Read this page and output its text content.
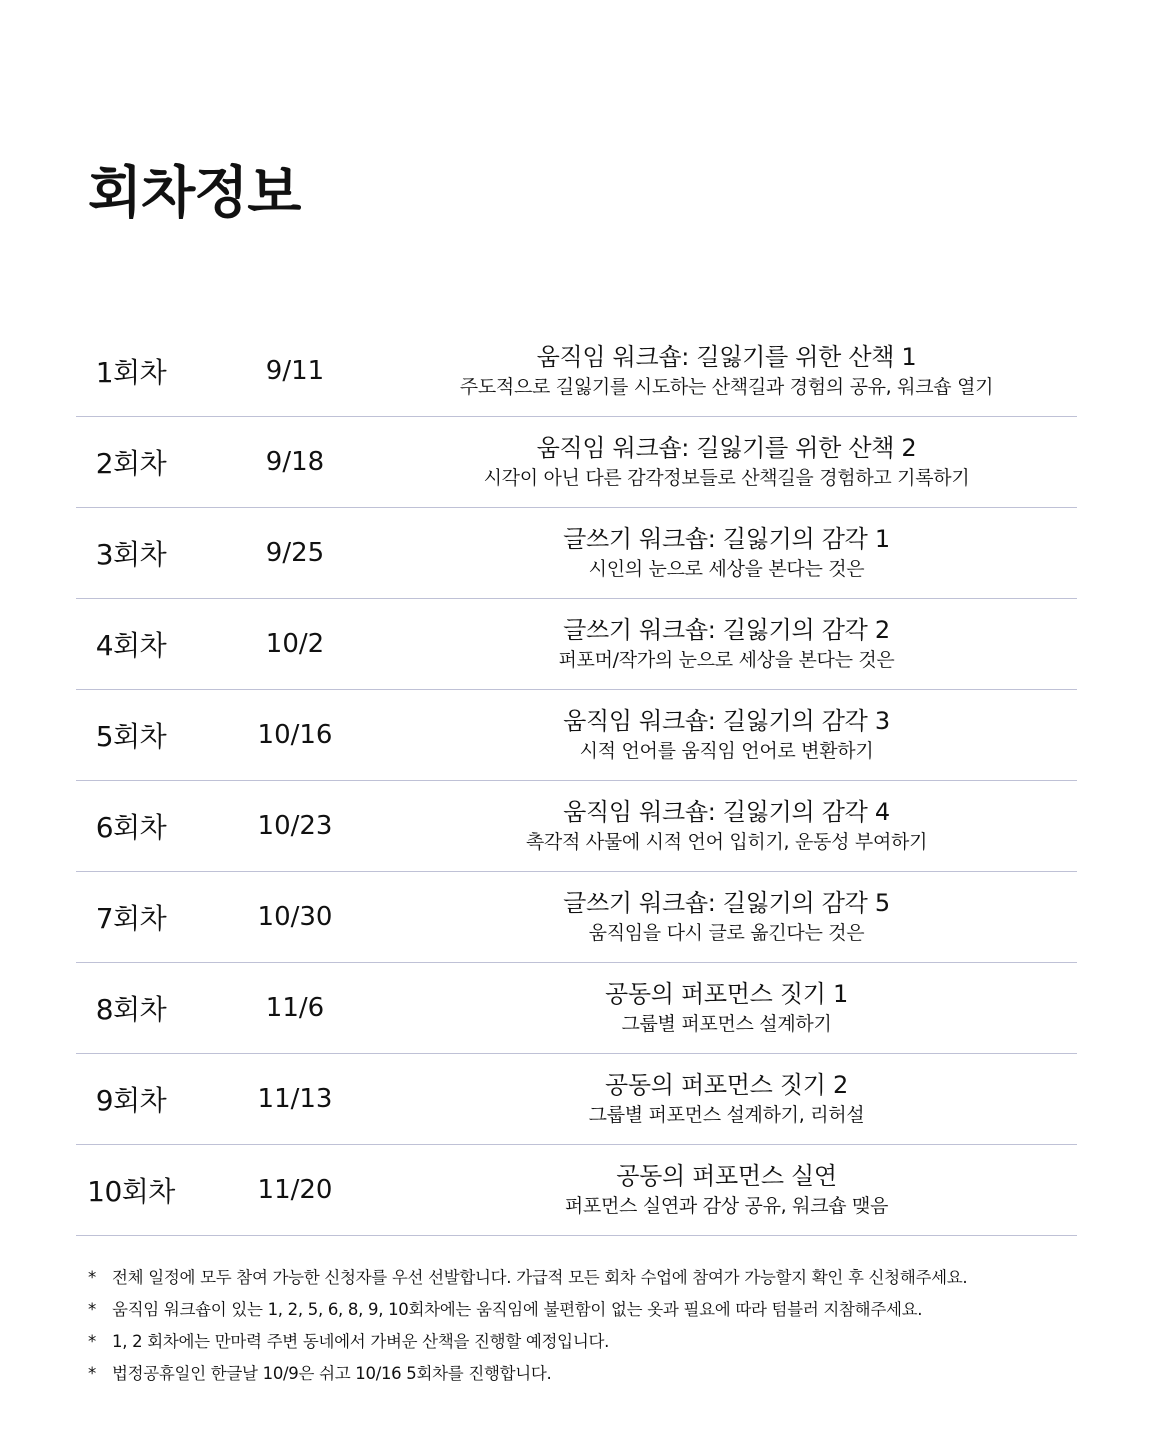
회차정보
1회차	9/11	움직임 워크숍: 길잃기를 위한 산책 1
주도적으로 길잃기를 시도하는 산책길과 경험의 공유, 워크숍 열기
2회차	9/18	움직임 워크숍: 길잃기를 위한 산책 2
시각이 아닌 다른 감각정보들로 산책길을 경험하고 기록하기
3회차	9/25	글쓰기 워크숍: 길잃기의 감각 1
시인의 눈으로 세상을 본다는 것은
4회차	10/2	글쓰기 워크숍: 길잃기의 감각 2
퍼포머/작가의 눈으로 세상을 본다는 것은
5회차	10/16	움직임 워크숍: 길잃기의 감각 3
시적 언어를 움직임 언어로 변환하기
6회차	10/23	움직임 워크숍: 길잃기의 감각 4
촉각적 사물에 시적 언어 입히기, 운동성 부여하기
7회차	10/30	글쓰기 워크숍: 길잃기의 감각 5
움직임을 다시 글로 옮긴다는 것은
8회차	11/6	공동의 퍼포먼스 짓기 1
그룹별 퍼포먼스 설계하기
9회차	11/13	공동의 퍼포먼스 짓기 2
그룹별 퍼포먼스 설계하기, 리허설
10회차	11/20	공동의 퍼포먼스 실연
퍼포먼스 실연과 감상 공유, 워크숍 맺음
* 전체 일정에 모두 참여 가능한 신청자를 우선 선발합니다. 가급적 모든 회차 수업에 참여가 가능할지 확인 후 신청해주세요.
* 움직임 워크숍이 있는 1, 2, 5, 6, 8, 9, 10회차에는 움직임에 불편함이 없는 옷과 필요에 따라 텀블러 지참해주세요.
* 1, 2 회차에는 만마력 주변 동네에서 가벼운 산책을 진행할 예정입니다.
* 법정공휴일인 한글날 10/9은 쉬고 10/16 5회차를 진행합니다.
